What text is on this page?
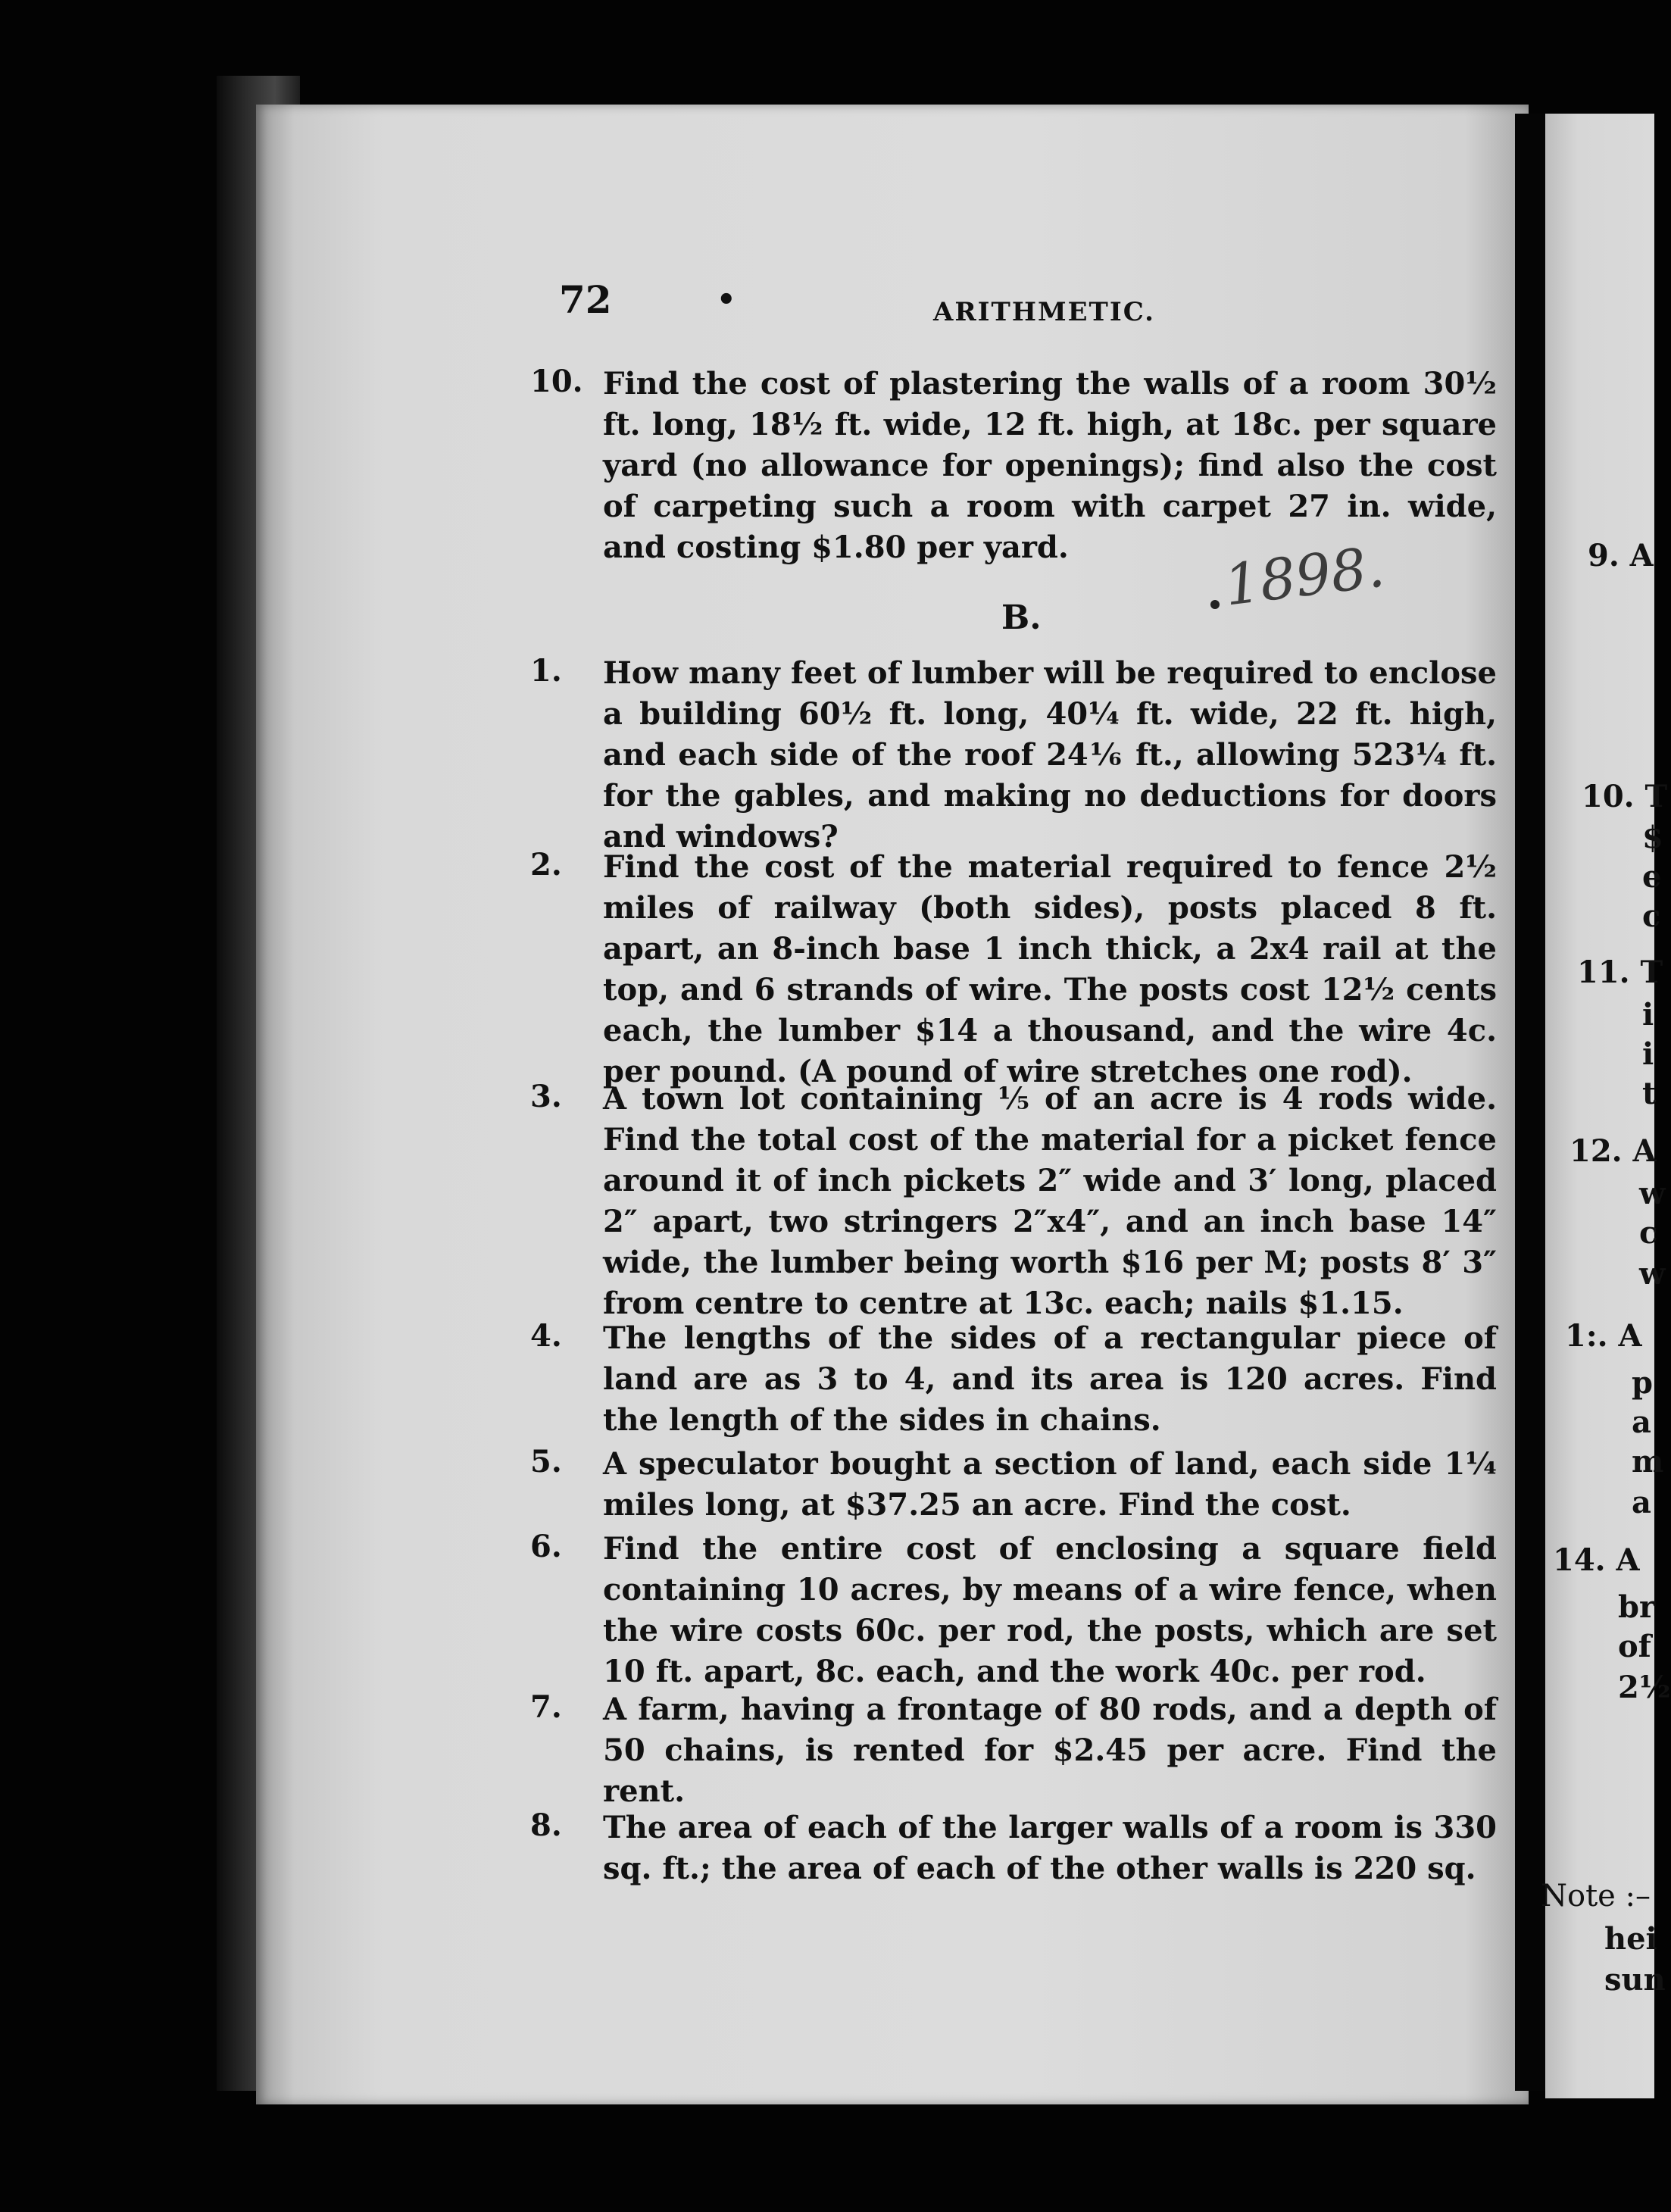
72	•	ARITHMETIC.
10. Find the cost of plastering the walls of a room 30½ ft. long, 18½ ft. wide, 12 ft. high, at 18c. per square yard (no allowance for openings); find also the cost of carpeting such a room with carpet 27 in. wide, and costing $1.80 per yard.	1898.
B.
1.	How many feet of lumber will be required to enclose a building 60½ ft. long, 40¼ ft. wide, 22 ft. high, and each side of the roof 24⅙ ft., allowing 523¼ ft. for the gables, and making no deductions for doors and windows?
2.	Find the cost of the material required to fence 2½ miles of railway (both sides), posts placed 8 ft. apart, an 8-inch base 1 inch thick, a 2x4 rail at the top, and 6 strands of wire. The posts cost 12½ cents each, the lumber $14 a thousand, and the wire 4c. per pound. (A pound of wire stretches one rod).
3.	A town lot containing ⅕ of an acre is 4 rods wide. Find the total cost of the material for a picket fence around it of inch pickets 2″ wide and 3′ long, placed 2″ apart, two stringers 2″x4″, and an inch base 14″ wide, the lumber being worth $16 per M; posts 8′ 3″ from centre to centre at 13c. each; nails $1.15.
4.	The lengths of the sides of a rectangular piece of land are as 3 to 4, and its area is 120 acres. Find the length of the sides in chains.
5.	A speculator bought a section of land, each side 1¼ miles long, at $37.25 an acre. Find the cost.
6.	Find the entire cost of enclosing a square field containing 10 acres, by means of a wire fence, when the wire costs 60c. per rod, the posts, which are set 10 ft. apart, 8c. each, and the work 40c. per rod.
7.	A farm, having a frontage of 80 rods, and a depth of 50 chains, is rented for $2.45 per acre. Find the rent.
8.	The area of each of the larger walls of a room is 330 sq. ft.; the area of each of the other walls is 220 sq.
9. A
10. T
$
e
c
11. T
i
i
t
12. A
w
c
w
1:. A
p
a
m
a
14. A
br
of
2½
Note :–
hei
sun
